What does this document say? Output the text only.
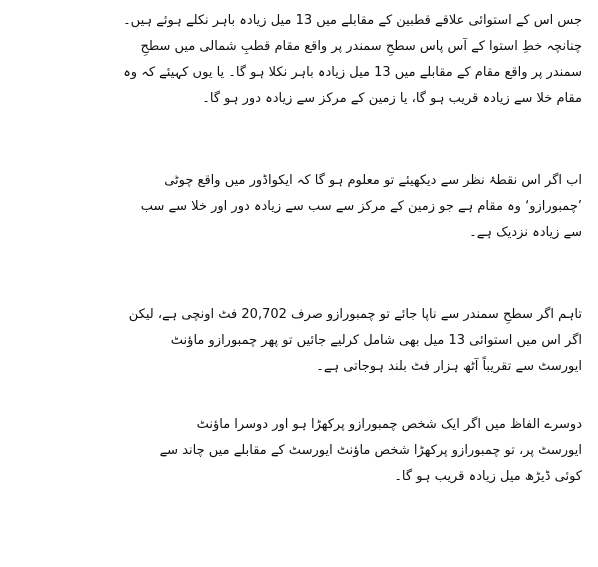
جس اس کے استوائی علاقے قطبین کے مقابلے میں 13 میل زیادہ باہر نکلے ہوئے ہیں۔
چنانچہ خطِ استوا کے آس پاس سطحِ سمندر پر واقع مقام قطبِ شمالی میں سطحِ
سمندر پر واقع مقام کے مقابلے میں 13 میل زیادہ باہر نکلا ہو گا۔ یا یوں کہیئے کہ وہ
مقام خلا سے زیادہ قریب ہو گا، یا زمین کے مرکز سے زیادہ دور ہو گا۔
اب اگر اس نقطۂ نظر سے دیکھیئے تو معلوم ہو گا کہ ایکواڈور میں واقع چوٹی
’چمبورازو‘ وہ مقام ہے جو زمین کے مرکز سے سب سے زیادہ دور اور خلا سے سب
سے زیادہ نزدیک ہے۔
تاہم اگر سطحِ سمندر سے ناپا جائے تو چمبورازو صرف 20,702 فٹ اونچی ہے، لیکن
اگر اس میں استوائی 13 میل بھی شامل کرلیے جائیں تو پھر چمبورازو ماؤنٹ
ایورسٹ سے تقریباً آٹھ ہزار فٹ بلند ہوجاتی ہے۔
دوسرے الفاظ میں اگر ایک شخص چمبورازو پرکھڑا ہو اور دوسرا ماؤنٹ
ایورسٹ پر، تو چمبورازو پرکھڑا شخص ماؤنٹ ایورسٹ کے مقابلے میں چاند سے
کوئی ڈیڑھ میل زیادہ قریب ہو گا۔
